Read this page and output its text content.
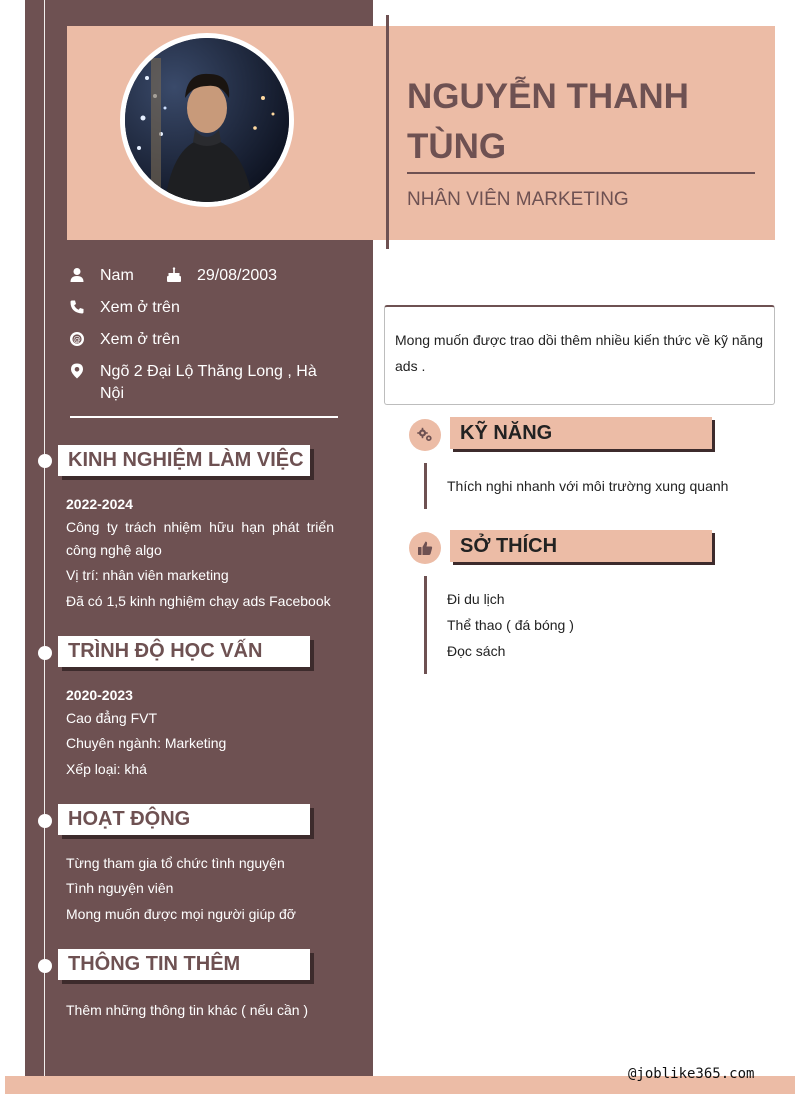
NGUYỄN THANH TÙNG
NHÂN VIÊN MARKETING
Nam	29/08/2003
Xem ở trên
@ Xem ở trên
Ngõ 2 Đại Lộ Thăng Long , Hà Nội
KINH NGHIỆM LÀM VIỆC
2022-2024
Công ty trách nhiệm hữu hạn phát triển công nghệ algo
Vị trí: nhân viên marketing
Đã có 1,5 kinh nghiệm chạy ads Facebook
TRÌNH ĐỘ HỌC VẤN
2020-2023
Cao đẳng FVT
Chuyên ngành: Marketing
Xếp loại: khá
HOẠT ĐỘNG
Từng tham gia tổ chức tình nguyện
Tình nguyện viên
Mong muốn được mọi người giúp đỡ
THÔNG TIN THÊM
Thêm những thông tin khác ( nếu cần )
Mong muốn được trao dồi thêm nhiều kiến thức về kỹ năng ads .
KỸ NĂNG
Thích nghi nhanh với môi trường xung quanh
SỞ THÍCH
Đi du lịch
Thể thao ( đá bóng )
Đọc sách
@joblike365.com
